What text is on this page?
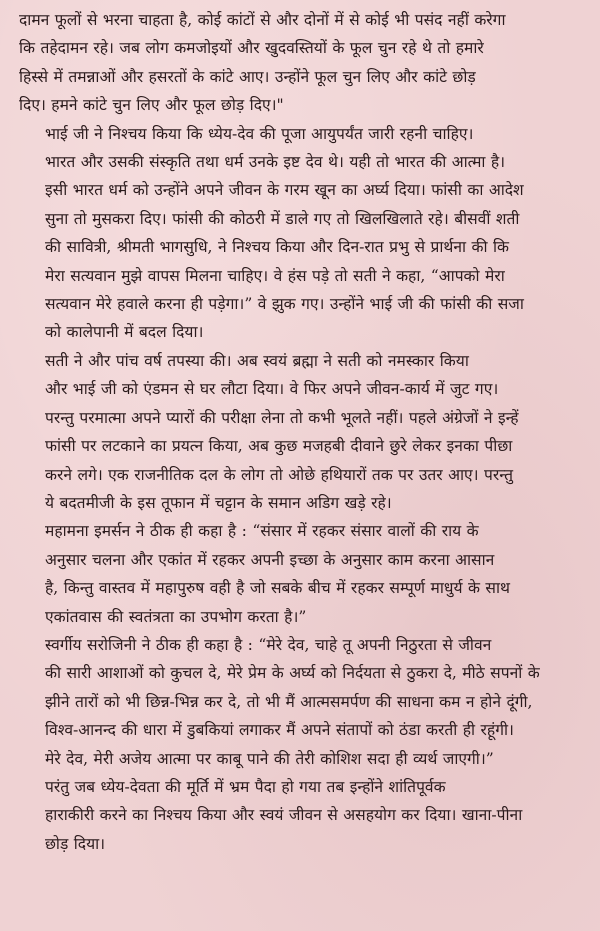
दामन फूलों से भरना चाहता है, कोई कांटों से और दोनों में से कोई भी पसंद नहीं करेगा
कि तहेदामन रहे। जब लोग कमजोइयों और खुदवस्तियों के फूल चुन रहे थे तो हमारे
हिस्से में तमन्नाओं और हसरतों के कांटे आए। उन्होंने फूल चुन लिए और कांटे छोड़
दिए। हमने कांटे चुन लिए और फूल छोड़ दिए।"

भाई जी ने निश्चय किया कि ध्येय-देव की पूजा आयुपर्यंत जारी रहनी चाहिए।
भारत और उसकी संस्कृति तथा धर्म उनके इष्ट देव थे। यही तो भारत की आत्मा है।
इसी भारत धर्म को उन्होंने अपने जीवन के गरम खून का अर्घ्य दिया। फांसी का आदेश
सुना तो मुसकरा दिए। फांसी की कोठरी में डाले गए तो खिलखिलाते रहे। बीसवीं शती
की सावित्री, श्रीमती भागसुधि, ने निश्चय किया और दिन-रात प्रभु से प्रार्थना की कि
मेरा सत्यवान मुझे वापस मिलना चाहिए। वे हंस पड़े तो सती ने कहा, “आपको मेरा
सत्यवान मेरे हवाले करना ही पड़ेगा।” वे झुक गए। उन्होंने भाई जी की फांसी की सजा
को कालेपानी में बदल दिया।

सती ने और पांच वर्ष तपस्या की। अब स्वयं ब्रह्मा ने सती को नमस्कार किया
और भाई जी को एंडमन से घर लौटा दिया। वे फिर अपने जीवन-कार्य में जुट गए।
परन्तु परमात्मा अपने प्यारों की परीक्षा लेना तो कभी भूलते नहीं। पहले अंग्रेजों ने इन्हें
फांसी पर लटकाने का प्रयत्न किया, अब कुछ मजहबी दीवाने छुरे लेकर इनका पीछा
करने लगे। एक राजनीतिक दल के लोग तो ओछे हथियारों तक पर उतर आए। परन्तु
ये बदतमीजी के इस तूफान में चट्टान के समान अडिग खड़े रहे।

महामना इमर्सन ने ठीक ही कहा है : “संसार में रहकर संसार वालों की राय के
अनुसार चलना और एकांत में रहकर अपनी इच्छा के अनुसार काम करना आसान
है, किन्तु वास्तव में महापुरुष वही है जो सबके बीच में रहकर सम्पूर्ण माधुर्य के साथ
एकांतवास की स्वतंत्रता का उपभोग करता है।”

स्वर्गीय सरोजिनी ने ठीक ही कहा है : “मेरे देव, चाहे तू अपनी निठुरता से जीवन
की सारी आशाओं को कुचल दे, मेरे प्रेम के अर्घ्य को निर्दयता से ठुकरा दे, मीठे सपनों के
झीने तारों को भी छिन्न-भिन्न कर दे, तो भी मैं आत्मसमर्पण की साधना कम न होने दूंगी,
विश्व-आनन्द की धारा में डुबकियां लगाकर मैं अपने संतापों को ठंडा करती ही रहूंगी।
मेरे देव, मेरी अजेय आत्मा पर काबू पाने की तेरी कोशिश सदा ही व्यर्थ जाएगी।”

परंतु जब ध्येय-देवता की मूर्ति में भ्रम पैदा हो गया तब इन्होंने शांतिपूर्वक
हाराकीरी करने का निश्चय किया और स्वयं जीवन से असहयोग कर दिया। खाना-पीना
छोड़ दिया।
